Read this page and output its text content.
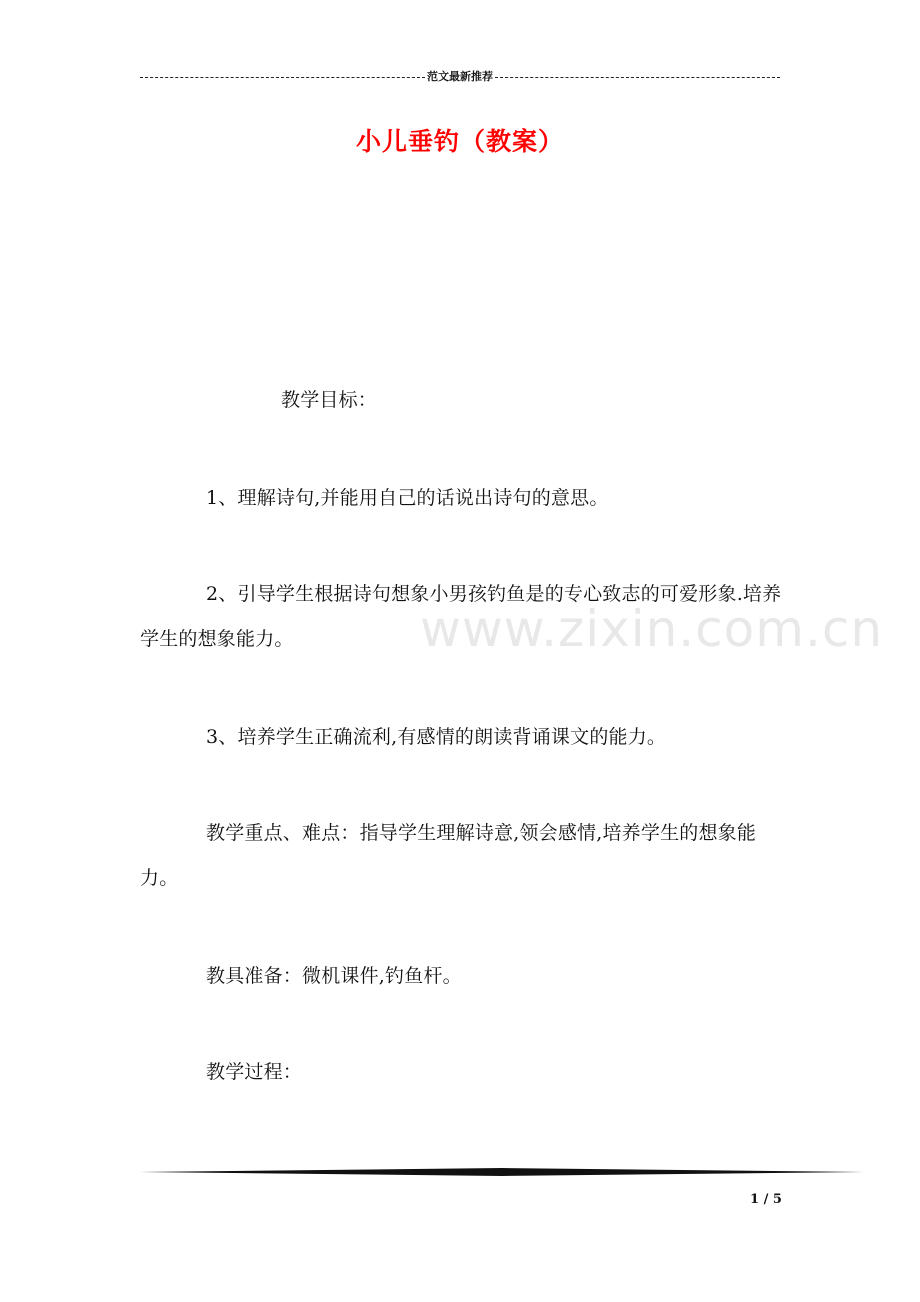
范文最新推荐
小儿垂钓（教案）
www.zixin.com.cn
教学目标：
1、理解诗句,并能用自己的话说出诗句的意思。
2、引导学生根据诗句想象小男孩钓鱼是的专心致志的可爱形象.培养学生的想象能力。
3、培养学生正确流利,有感情的朗读背诵课文的能力。
教学重点、难点：指导学生理解诗意,领会感情,培养学生的想象能力。
教具准备：微机课件,钓鱼杆。
教学过程：
1 / 5
